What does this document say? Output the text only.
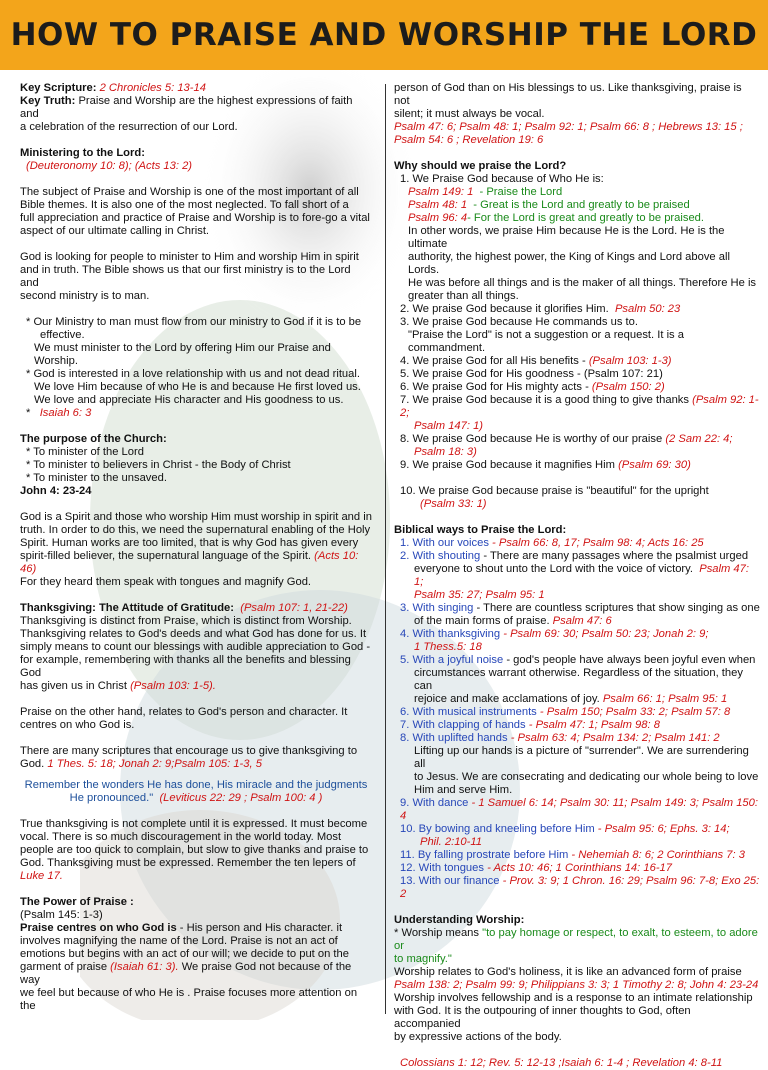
HOW TO PRAISE AND WORSHIP THE LORD

Key Scripture: 2 Chronicles 5: 13-14

Key Truth: Praise and Worship are the highest expressions of faith and

a celebration of the resurrection of our Lord.

Ministering to the Lord:

(Deuteronomy 10: 8); (Acts 13: 2)

The subject of Praise and Worship is one of the most important of all

Bible themes. It is also one of the most neglected. To fall short of a

full appreciation and practice of Praise and Worship is to fore-go a vital

aspect of our ultimate calling in Christ.

God is looking for people to minister to Him and worship Him in spirit

and in truth. The Bible shows us that our first ministry is to the Lord and

second ministry is to man.

* Our Ministry to man must flow from our ministry to God if it is to be

effective.

We must minister to the Lord by offering Him our Praise and Worship.

* God is interested in a love relationship with us and not dead ritual.

We love Him because of who He is and because He first loved us.

We love and appreciate His character and His goodness to us.

* Isaiah 6: 3

The purpose of the Church:

* To minister of the Lord

* To minister to believers in Christ - the Body of Christ

* To minister to the unsaved.

John 4: 23-24

God is a Spirit and those who worship Him must worship in spirit and in

truth. In order to do this, we need the supernatural enabling of the Holy

Spirit. Human works are too limited, that is why God has given every

spirit-filled believer, the supernatural language of the Spirit. (Acts 10: 46)

For they heard them speak with tongues and magnify God.

Thanksgiving: The Attitude of Gratitude: (Psalm 107: 1, 21-22)

Thanksgiving is distinct from Praise, which is distinct from Worship.

Thanksgiving relates to God's deeds and what God has done for us. It

simply means to count our blessings with audible appreciation to God -

for example, remembering with thanks all the benefits and blessing God

has given us in Christ (Psalm 103: 1-5).

Praise on the other hand, relates to God's person and character. It

centres on who God is.

There are many scriptures that encourage us to give thanksgiving to

God. 1 Thes. 5: 18; Jonah 2: 9;Psalm 105: 1-3, 5

Remember the wonders He has done, His miracle and the judgments

He pronounced." (Leviticus 22: 29 ; Psalm 100: 4 )

True thanksgiving is not complete until it is expressed. It must become

vocal. There is so much discouragement in the world today. Most

people are too quick to complain, but slow to give thanks and praise to

God. Thanksgiving must be expressed. Remember the ten lepers of

Luke 17.

The Power of Praise :

(Psalm 145: 1-3)

Praise centres on who God is - His person and His character. it

involves magnifying the name of the Lord. Praise is not an act of

emotions but begins with an act of our will; we decide to put on the

garment of praise (Isaiah 61: 3). We praise God not because of the way

we feel but because of who He is . Praise focuses more attention on the

person of God than on His blessings to us. Like thanksgiving, praise is not

silent; it must always be vocal.

Psalm 47: 6; Psalm 48: 1; Psalm 92: 1; Psalm 66: 8 ; Hebrews 13: 15 ;

Psalm 54: 6 ; Revelation 19: 6

Why should we praise the Lord?

1. We Praise God because of Who He is:

Psalm 149: 1 - Praise the Lord

Psalm 48: 1 - Great is the Lord and greatly to be praised

Psalm 96: 4- For the Lord is great and greatly to be praised.

In other words, we praise Him because He is the Lord. He is the ultimate

authority, the highest power, the King of Kings and Lord above all Lords.

He was before all things and is the maker of all things. Therefore He is

greater than all things.

2. We praise God because it glorifies Him. Psalm 50: 23

3. We praise God because He commands us to.

"Praise the Lord" is not a suggestion or a request. It is a commandment.

4. We praise God for all His benefits - (Psalm 103: 1-3)

5. We praise God for His goodness - (Psalm 107: 21)

6. We praise God for His mighty acts - (Psalm 150: 2)

7. We praise God because it is a good thing to give thanks (Psalm 92: 1-2;

Psalm 147: 1)

8. We praise God because He is worthy of our praise (2 Sam 22: 4;

Psalm 18: 3)

9. We praise God because it magnifies Him (Psalm 69: 30)

10. We praise God because praise is "beautiful" for the upright

(Psalm 33: 1)

Biblical ways to Praise the Lord:

1. With our voices - Psalm 66: 8, 17; Psalm 98: 4; Acts 16: 25

2. With shouting - There are many passages where the psalmist urged

everyone to shout unto the Lord with the voice of victory. Psalm 47: 1;

Psalm 35: 27; Psalm 95: 1

3. With singing - There are countless scriptures that show singing as one

of the main forms of praise. Psalm 47: 6

4. With thanksgiving - Psalm 69: 30; Psalm 50: 23; Jonah 2: 9;

1 Thess.5: 18

5. With a joyful noise - god's people have always been joyful even when

circumstances warrant otherwise. Regardless of the situation, they can

rejoice and make acclamations of joy. Psalm 66: 1; Psalm 95: 1

6. With musical instruments - Psalm 150; Psalm 33: 2; Psalm 57: 8

7. With clapping of hands - Psalm 47: 1; Psalm 98: 8

8. With uplifted hands - Psalm 63: 4; Psalm 134: 2; Psalm 141: 2

Lifting up our hands is a picture of "surrender". We are surrendering all

to Jesus. We are consecrating and dedicating our whole being to love

Him and serve Him.

9. With dance - 1 Samuel 6: 14; Psalm 30: 11; Psalm 149: 3; Psalm 150: 4

10. By bowing and kneeling before Him - Psalm 95: 6; Ephs. 3: 14;

Phil. 2:10-11

11. By falling prostrate before Him - Nehemiah 8: 6; 2 Corinthians 7: 3

12. With tongues - Acts 10: 46; 1 Corinthians 14: 16-17

13. With our finance - Prov. 3: 9; 1 Chron. 16: 29; Psalm 96: 7-8; Exo 25: 2

Understanding Worship:

* Worship means "to pay homage or respect, to exalt, to esteem, to adore or

to magnify."

Worship relates to God's holiness, it is like an advanced form of praise

Psalm 138: 2; Psalm 99: 9; Philippians 3: 3; 1 Timothy 2: 8; John 4: 23-24

Worship involves fellowship and is a response to an intimate relationship

with God. It is the outpouring of inner thoughts to God, often accompanied

by expressive actions of the body.

Colossians 1: 12; Rev. 5: 12-13 ;Isaiah 6: 1-4 ; Revelation 4: 8-11
